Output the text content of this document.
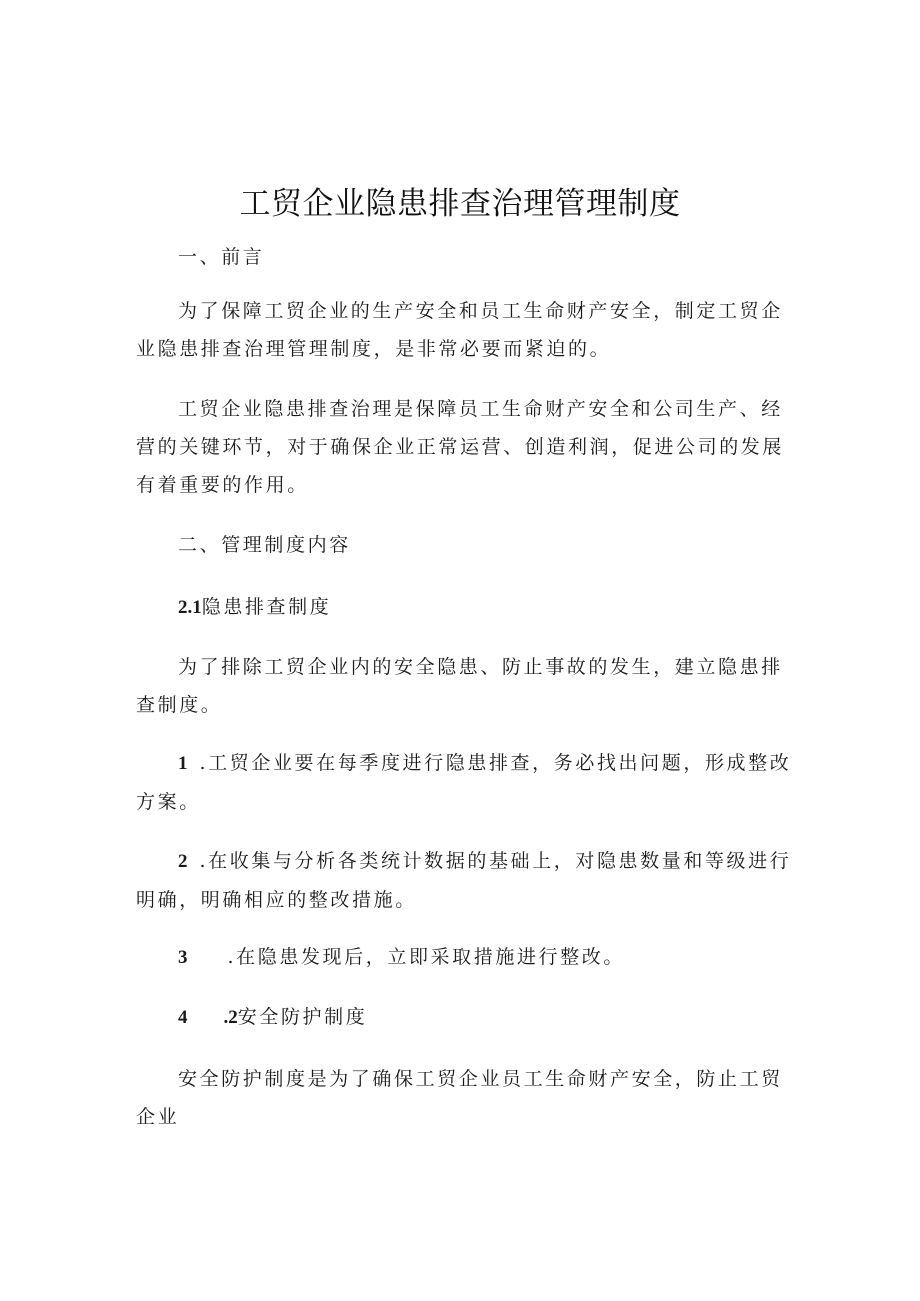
工贸企业隐患排查治理管理制度

一、前言

为了保障工贸企业的生产安全和员工生命财产安全，制定工贸企业隐患排查治理管理制度，是非常必要而紧迫的。

工贸企业隐患排查治理是保障员工生命财产安全和公司生产、经营的关键环节，对于确保企业正常运营、创造利润，促进公司的发展有着重要的作用。

二、管理制度内容

2.1隐患排查制度

为了排除工贸企业内的安全隐患、防止事故的发生，建立隐患排查制度。

1 .工贸企业要在每季度进行隐患排查，务必找出问题，形成整改方案。

2 .在收集与分析各类统计数据的基础上，对隐患数量和等级进行明确，明确相应的整改措施。

3 .在隐患发现后，立即采取措施进行整改。

4 .2安全防护制度

安全防护制度是为了确保工贸企业员工生命财产安全，防止工贸企业
